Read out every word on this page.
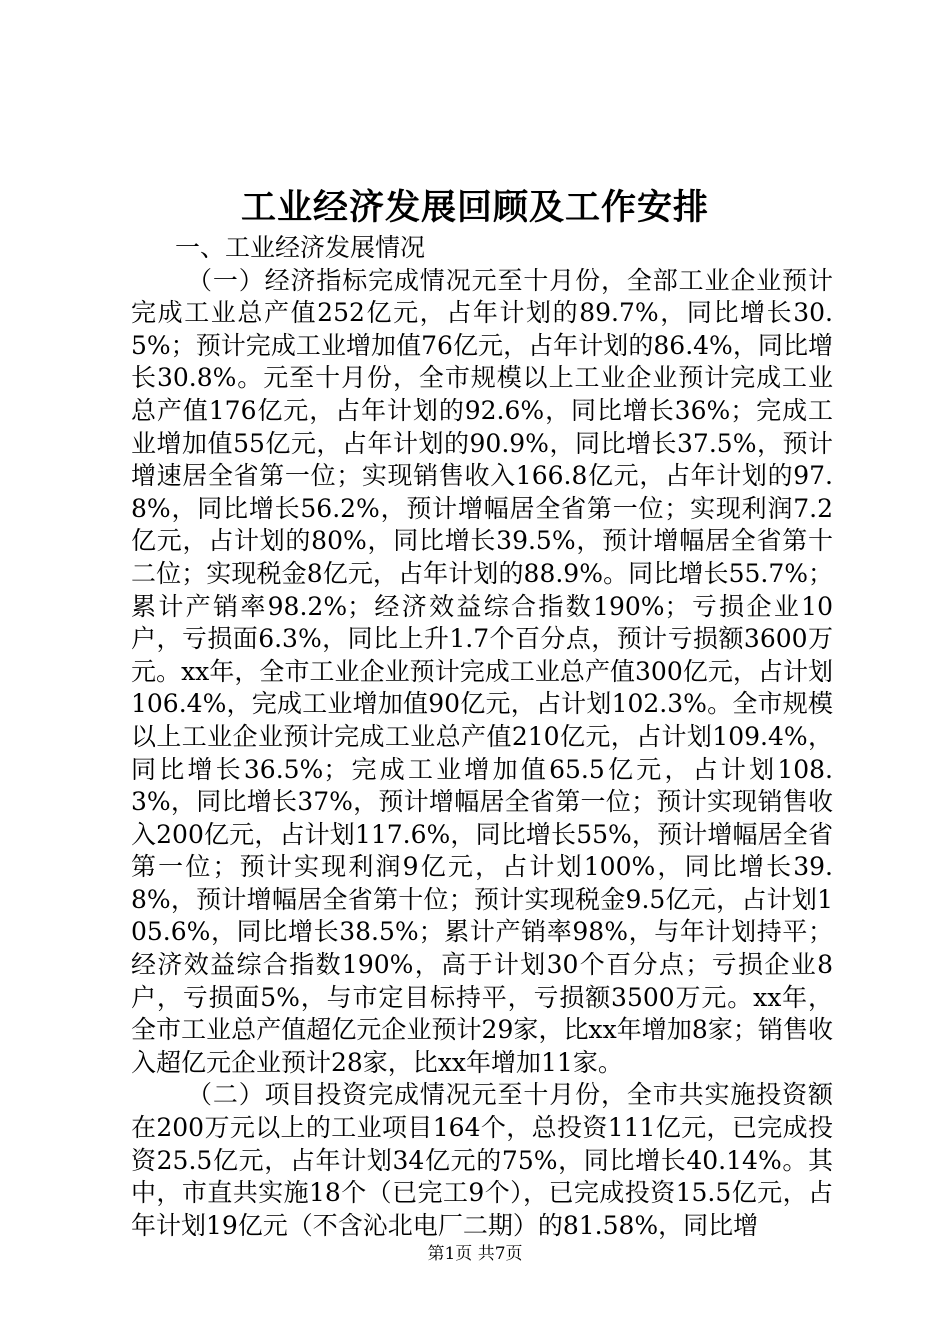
工业经济发展回顾及工作安排

一、工业经济发展情况

（一）经济指标完成情况元至十月份，全部工业企业预计完成工业总产值252亿元，占年计划的89.7%，同比增长30.5%；预计完成工业增加值76亿元，占年计划的86.4%，同比增长30.8%。元至十月份，全市规模以上工业企业预计完成工业总产值176亿元，占年计划的92.6%，同比增长36%；完成工业增加值55亿元，占年计划的90.9%，同比增长37.5%，预计增速居全省第一位；实现销售收入166.8亿元，占年计划的97.8%，同比增长56.2%，预计增幅居全省第一位；实现利润7.2亿元，占计划的80%，同比增长39.5%，预计增幅居全省第十二位；实现税金8亿元，占年计划的88.9%。同比增长55.7%；累计产销率98.2%；经济效益综合指数190%；亏损企业10户，亏损面6.3%，同比上升1.7个百分点，预计亏损额3600万元。xx年，全市工业企业预计完成工业总产值300亿元，占计划106.4%，完成工业增加值90亿元，占计划102.3%。全市规模以上工业企业预计完成工业总产值210亿元，占计划109.4%，同比增长36.5%；完成工业增加值65.5亿元，占计划108.3%，同比增长37%，预计增幅居全省第一位；预计实现销售收入200亿元，占计划117.6%，同比增长55%，预计增幅居全省第一位；预计实现利润9亿元，占计划100%，同比增长39.8%，预计增幅居全省第十位；预计实现税金9.5亿元，占计划105.6%，同比增长38.5%；累计产销率98%，与年计划持平；经济效益综合指数190%，高于计划30个百分点；亏损企业8户，亏损面5%，与市定目标持平，亏损额3500万元。xx年，全市工业总产值超亿元企业预计29家，比xx年增加8家；销售收入超亿元企业预计28家，比xx年增加11家。

（二）项目投资完成情况元至十月份，全市共实施投资额在200万元以上的工业项目164个，总投资111亿元，已完成投资25.5亿元，占年计划34亿元的75%，同比增长40.14%。其中，市直共实施18个（已完工9个），已完成投资15.5亿元，占年计划19亿元（不含沁北电厂二期）的81.58%，同比增

第1页 共7页
